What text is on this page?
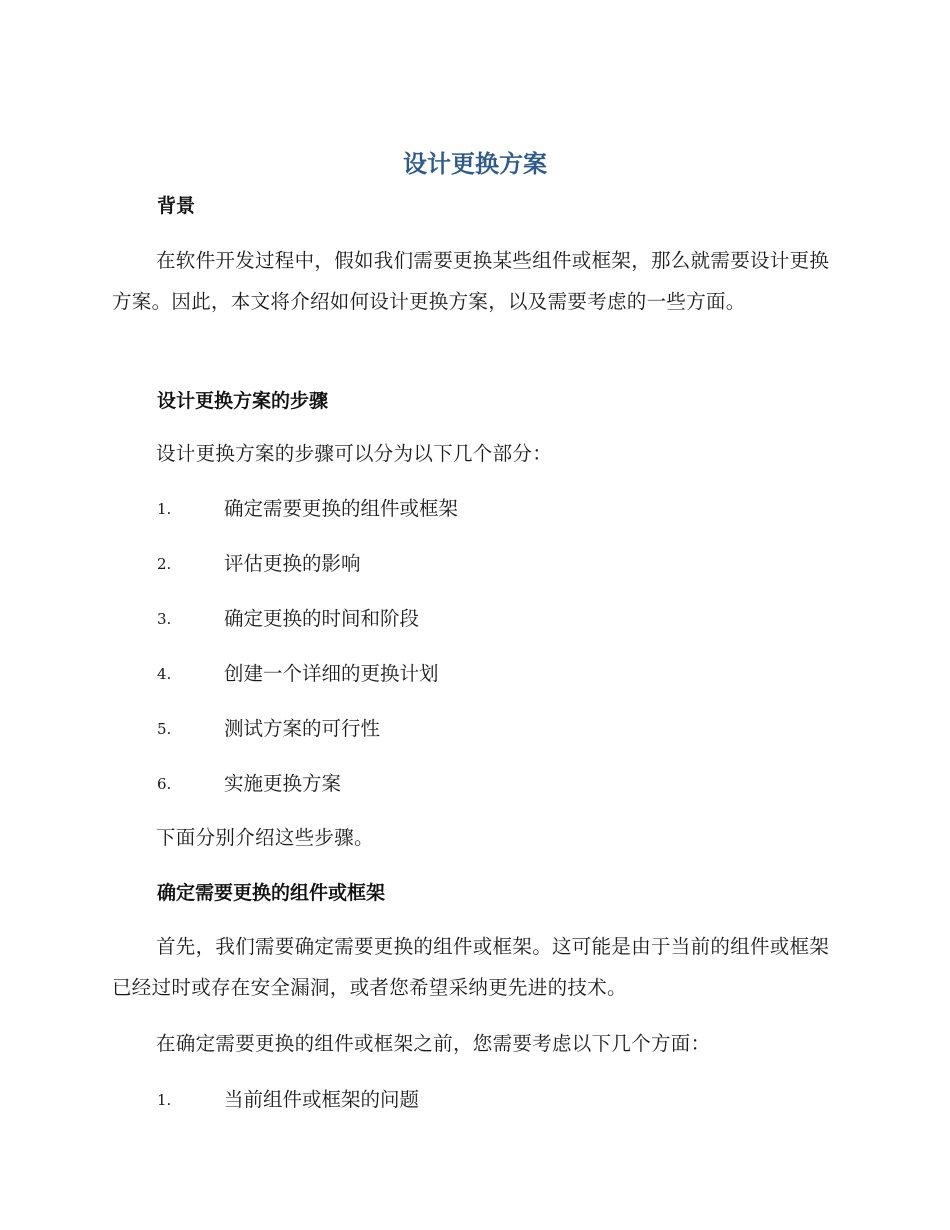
设计更换方案
背景
在软件开发过程中，假如我们需要更换某些组件或框架，那么就需要设计更换方案。因此，本文将介绍如何设计更换方案，以及需要考虑的一些方面。
设计更换方案的步骤
设计更换方案的步骤可以分为以下几个部分：
1.	确定需要更换的组件或框架
2.	评估更换的影响
3.	确定更换的时间和阶段
4.	创建一个详细的更换计划
5.	测试方案的可行性
6.	实施更换方案
下面分别介绍这些步骤。
确定需要更换的组件或框架
首先，我们需要确定需要更换的组件或框架。这可能是由于当前的组件或框架已经过时或存在安全漏洞，或者您希望采纳更先进的技术。
在确定需要更换的组件或框架之前，您需要考虑以下几个方面：
1.	当前组件或框架的问题
